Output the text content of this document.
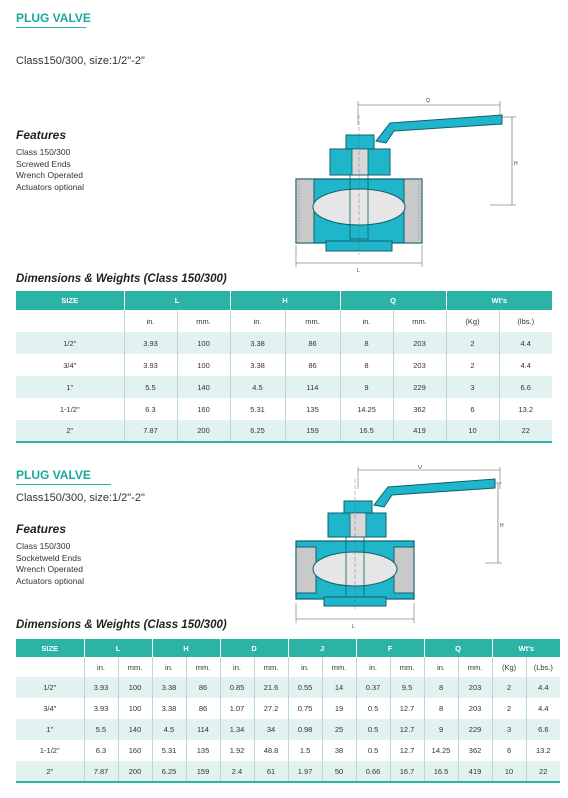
PLUG VALVE
Class150/300, size:1/2"-2"
Features
Class 150/300
Screwed Ends
Wrench Operated
Actuators optional
Q
H
L
Dimensions & Weights (Class 150/300)
SIZE	L		H		Q		Wt's	
	in.	mm.	in.	mm.	in.	mm.	(Kg)	(lbs.)
1/2"	3.93	100	3.38	86	8	203	2	4.4
3/4"	3.93	100	3.38	86	8	203	2	4.4
1"	5.5	140	4.5	114	9	229	3	6.6
1-1/2"	6.3	160	5.31	135	14.25	362	6	13.2
2"	7.87	200	6.25	159	16.5	419	10	22
PLUG VALVE
Class150/300, size:1/2"-2"
Features
Class 150/300
Socketweld Ends
Wrench Operated
Actuators optional
Q
H
L
Dimensions & Weights (Class 150/300)
SIZE	L		H		D		J		F		Q		Wt's	
	in.	mm.	in.	mm.	in.	mm.	in.	mm.	in.	mm.	in.	mm.	(Kg)	(Lbs.)
1/2"	3.93	100	3.38	86	0.85	21.6	0.55	14	0.37	9.5	8	203	2	4.4
3/4"	3.93	100	3.38	86	1.07	27.2	0.75	19	0.5	12.7	8	203	2	4.4
1"	5.5	140	4.5	114	1.34	34	0.98	25	0.5	12.7	9	229	3	6.6
1-1/2"	6.3	160	5.31	135	1.92	48.8	1.5	38	0.5	12.7	14.25	362	6	13.2
2"	7.87	200	6.25	159	2.4	61	1.97	50	0.66	16.7	16.5	419	10	22
